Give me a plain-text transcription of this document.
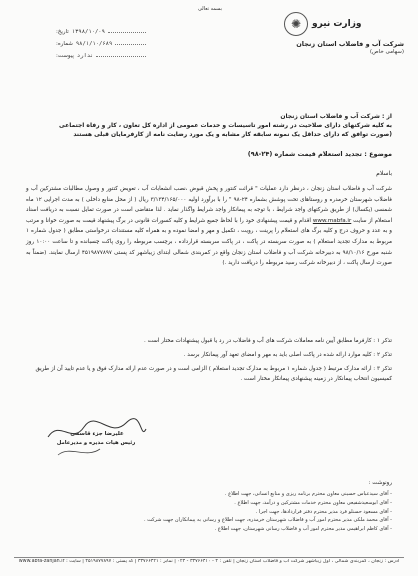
بسمه تعالی
✺	وزارت نیرو
شرکت آب و فاضلاب استان زنجان
(سهامی خاص)
تاریخ: ۱۳۹۸/۱۰/۰۹
شماره: ۹۸/۱/۱۰/۶۸۹
پیوست: ندارد
از : شرکت آب و فاضلاب استان زنجان
به کلیه شرکتهای دارای صلاحیت در رشته امور تاسیسات و خدمات عمومی از اداره کل تعاون ، کار و رفاه اجتماعی
(صورت توافق که دارای حداقل یک نمونه سابقه کار مشابه و یک مورد رضایت نامه از کارفرمایان قبلی هستند
موضوع : تجدید استعلام قیمت شماره (۲۴-۹۸)
باسلام
شرکت آب و فاضلاب استان زنجان ، درنظر دارد عملیات " قرائت کنتور و پخش قبوض ،نصب انشعابات آب ، تعویض کنتور و وصول مطالبات مشترکین آب و فاضلاب شهرستان خرمدره و روستاهای تحت پوشش بشماره ۲۴-۹۸ " را با برآورد اولیه ۳/۱۳۴/۱۶۵/۰۰۰ ریال ( از محل منابع داخلی ) به مدت اجرایی ۱۲ ماه شمسی (یکسال) از طریق شرکتهای واجد شرایط ، با توجه به پیمانکار واجد شرایط واگذار نماید . لذا متقاضی است در صورت تمایل نسبت به دریافت اسناد استعلام از سایت www.mabfa.ir اقدام و قیمت پیشنهادی خود را با لحاظ جمیع شرایط و کلیه کسورات قانونی در برگ پیشنهاد قیمت به صورت خوانا و مرتب و به عدد و حروف درج و کلیه برگ های استعلام را پرینت ، رویت ، تکمیل و مهر و امضا نموده و به همراه کلیه مستندات درخواستی مطابق ( جدول شماره ۱ مربوط به مدارک تجدید استعلام ) به صورت سربسته در پاکت ، در پاکت سربسته قرارداده ، برچسب مربوطه را روی پاکت چسبانده و تا ساعت ۱۰:۰۰ روز شنبه مورخ ۹۸/۱۰/۱۶ به دبیرخانه شرکت آب و فاضلاب استان زنجان واقع در کمربندی شمالی ابتدای زیباشهر کد پستی ۴۵۱۹۸۷۷۸۹۷ ارسال نمایند. (ضمناً به صورت ارسال پاکت ، از دبیرخانه شرکت رسید مربوطه را دریافت دارید .)
تذکر ۱ : کارفرما مطابق آیین نامه معاملات شرکت های آب و فاضلاب در رد یا قبول پیشنهادات مختار است .
تذکر ۲ : کلیه موارد ارائه شده در پاکت اصلی باید به مهر و امضای تعهد آور پیمانکار برسد .
تذکر ۳ : ارائه مدارک مرتبط ( جدول شماره ۱ مربوط به مدارک تجدید استعلام ) الزامی است و در صورت عدم ارائه مدارک فوق و یا عدم تایید آن از طریق کمیسیون انتخاب پیمانکار در زمینه پیشنهادی پیمانکار مختار است .
علیرضا جزء قاسمی
رئیس هیات مدیره و مدیرعامل
رونوشت :
- آقای سیدعباس حسینی معاون محترم برنامه ریزی و منابع انسانی، جهت اطلاع .
- آقای ابوسعیدشفیعی معاون محترم خدمات مشترکین و درآمد، جهت اطلاع .
- آقای مسعود حسنلو فرد مدیر محترم دفتر قراردادها، جهت اجرا .
- آقای محمد ملکی مدیر محترم امور آب و فاضلاب شهرستان خرمدره، جهت اطلاع و رسانی به پیمانکاران جهت شرکت .
- آقای کاظم ابراهیمی مدیر محترم امور آب و فاضلاب رسانی شهرستان، جهت اطلاع .
آدرس : زنجان ، کمربندی شمالی ، اول زیباشهر شرکت آب و فاضلاب استان زنجان | تلفن : ۴ - ۳۳۷۶۶۴۱۰ - ۰۲۴ | نمابر : ۳۳۷۶۶۴۲۱ | کد پستی : ۴۵۱۹۸۷۷۸۹۷ | سایت : www.abfa-zanjan.ir
